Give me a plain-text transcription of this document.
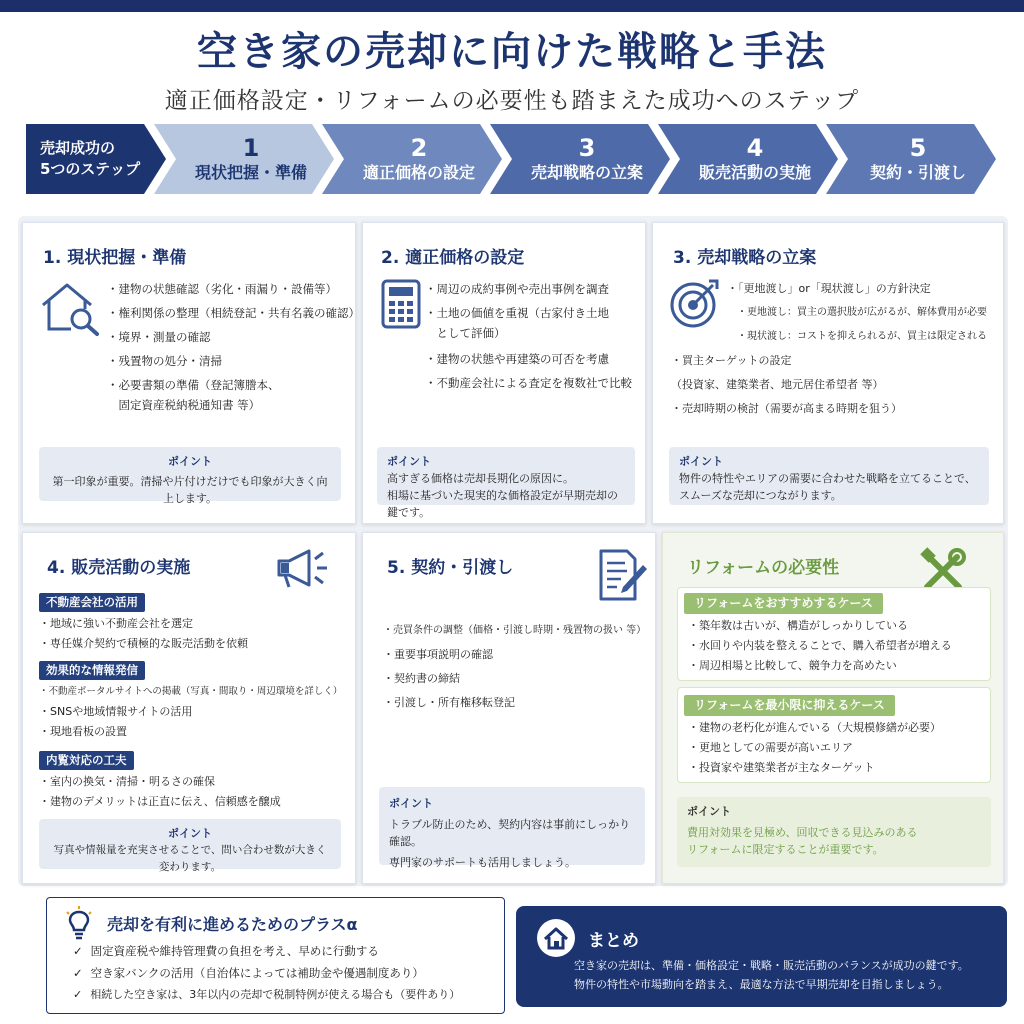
空き家の売却に向けた戦略と手法
適正価格設定・リフォームの必要性も踏まえた成功へのステップ
売却成功の
5つのステップ
1
現状把握・準備
2
適正価格の設定
3
売却戦略の立案
4
販売活動の実施
5
契約・引渡し
1. 現状把握・準備
・建物の状態確認（劣化・雨漏り・設備等）
・権利関係の整理（相続登記・共有名義の確認）
・境界・測量の確認
・残置物の処分・清掃
・必要書類の準備（登記簿謄本、
　固定資産税納税通知書 等）
ポイント
第一印象が重要。清掃や片付けだけでも印象が大きく向上します。
2. 適正価格の設定
・周辺の成約事例や売出事例を調査
・土地の価値を重視（古家付き土地
　として評価）
・建物の状態や再建築の可否を考慮
・不動産会社による査定を複数社で比較
ポイント
高すぎる価格は売却長期化の原因に。
相場に基づいた現実的な価格設定が早期売却の鍵です。
3. 売却戦略の立案
・「更地渡し」or「現状渡し」の方針決定
　・更地渡し：買主の選択肢が広がるが、解体費用が必要
　・現状渡し：コストを抑えられるが、買主は限定される
・買主ターゲットの設定
（投資家、建築業者、地元居住希望者 等）
・売却時期の検討（需要が高まる時期を狙う）
ポイント
物件の特性やエリアの需要に合わせた戦略を立てることで、
スムーズな売却につながります。
4. 販売活動の実施
不動産会社の活用
・地域に強い不動産会社を選定
・専任媒介契約で積極的な販売活動を依頼
効果的な情報発信
・不動産ポータルサイトへの掲載（写真・間取り・周辺環境を詳しく）
・SNSや地域情報サイトの活用
・現地看板の設置
内覧対応の工夫
・室内の換気・清掃・明るさの確保
・建物のデメリットは正直に伝え、信頼感を醸成
ポイント
写真や情報量を充実させることで、問い合わせ数が大きく変わります。
5. 契約・引渡し
・売買条件の調整（価格・引渡し時期・残置物の扱い 等）
・重要事項説明の確認
・契約書の締結
・引渡し・所有権移転登記
ポイント
トラブル防止のため、契約内容は事前にしっかり確認。
専門家のサポートも活用しましょう。
リフォームの必要性
リフォームをおすすめするケース
・築年数は古いが、構造がしっかりしている
・水回りや内装を整えることで、購入希望者が増える
・周辺相場と比較して、競争力を高めたい
リフォームを最小限に抑えるケース
・建物の老朽化が進んでいる（大規模修繕が必要）
・更地としての需要が高いエリア
・投資家や建築業者が主なターゲット
ポイント
費用対効果を見極め、回収できる見込みのある
リフォームに限定することが重要です。
売却を有利に進めるためのプラスα
✓ 固定資産税や維持管理費の負担を考え、早めに行動する
✓ 空き家バンクの活用（自治体によっては補助金や優遇制度あり）
✓ 相続した空き家は、3年以内の売却で税制特例が使える場合も（要件あり）
まとめ
空き家の売却は、準備・価格設定・戦略・販売活動のバランスが成功の鍵です。
物件の特性や市場動向を踏まえ、最適な方法で早期売却を目指しましょう。
